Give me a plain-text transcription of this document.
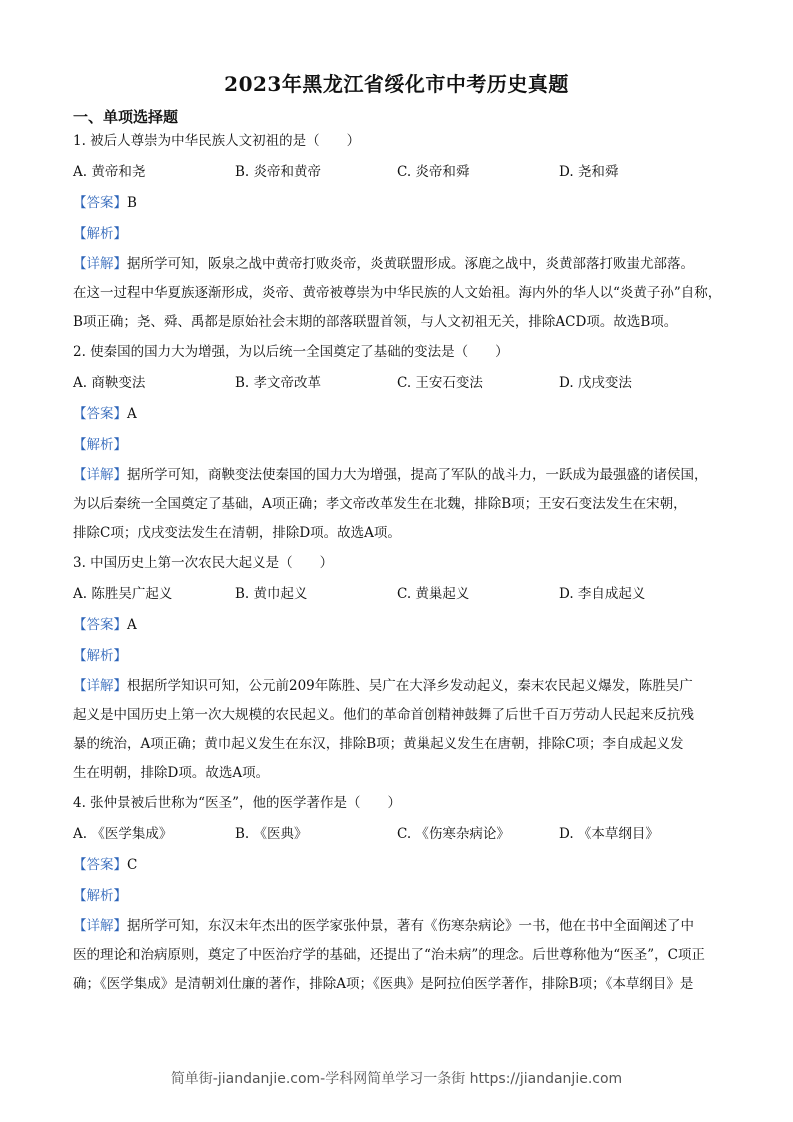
2023年黑龙江省绥化市中考历史真题
一、单项选择题
1. 被后人尊崇为中华民族人文初祖的是（　　）
A. 黄帝和尧	B. 炎帝和黄帝	C. 炎帝和舜	D. 尧和舜
【答案】B
【解析】
【详解】据所学可知，阪泉之战中黄帝打败炎帝，炎黄联盟形成。涿鹿之战中，炎黄部落打败蚩尤部落。
在这一过程中华夏族逐渐形成，炎帝、黄帝被尊崇为中华民族的人文始祖。海内外的华人以“炎黄子孙”自称，
B项正确；尧、舜、禹都是原始社会末期的部落联盟首领，与人文初祖无关，排除ACD项。故选B项。
2. 使秦国的国力大为增强，为以后统一全国奠定了基础的变法是（　　）
A. 商鞅变法	B. 孝文帝改革	C. 王安石变法	D. 戊戌变法
【答案】A
【解析】
【详解】据所学可知，商鞅变法使秦国的国力大为增强，提高了军队的战斗力，一跃成为最强盛的诸侯国，
为以后秦统一全国奠定了基础，A项正确；孝文帝改革发生在北魏，排除B项；王安石变法发生在宋朝，
排除C项；戊戌变法发生在清朝，排除D项。故选A项。
3. 中国历史上第一次农民大起义是（　　）
A. 陈胜吴广起义	B. 黄巾起义	C. 黄巢起义	D. 李自成起义
【答案】A
【解析】
【详解】根据所学知识可知，公元前209年陈胜、吴广在大泽乡发动起义，秦末农民起义爆发，陈胜吴广
起义是中国历史上第一次大规模的农民起义。他们的革命首创精神鼓舞了后世千百万劳动人民起来反抗残
暴的统治，A项正确；黄巾起义发生在东汉，排除B项；黄巢起义发生在唐朝，排除C项；李自成起义发
生在明朝，排除D项。故选A项。
4. 张仲景被后世称为“医圣”，他的医学著作是（　　）
A. 《医学集成》	B. 《医典》	C. 《伤寒杂病论》	D. 《本草纲目》
【答案】C
【解析】
【详解】据所学可知，东汉末年杰出的医学家张仲景，著有《伤寒杂病论》一书，他在书中全面阐述了中
医的理论和治病原则，奠定了中医治疗学的基础，还提出了“治未病”的理念。后世尊称他为“医圣”，C项正
确；《医学集成》是清朝刘仕廉的著作，排除A项；《医典》是阿拉伯医学著作，排除B项；《本草纲目》是
简单街-jiandanjie.com-学科网简单学习一条街 https://jiandanjie.com
